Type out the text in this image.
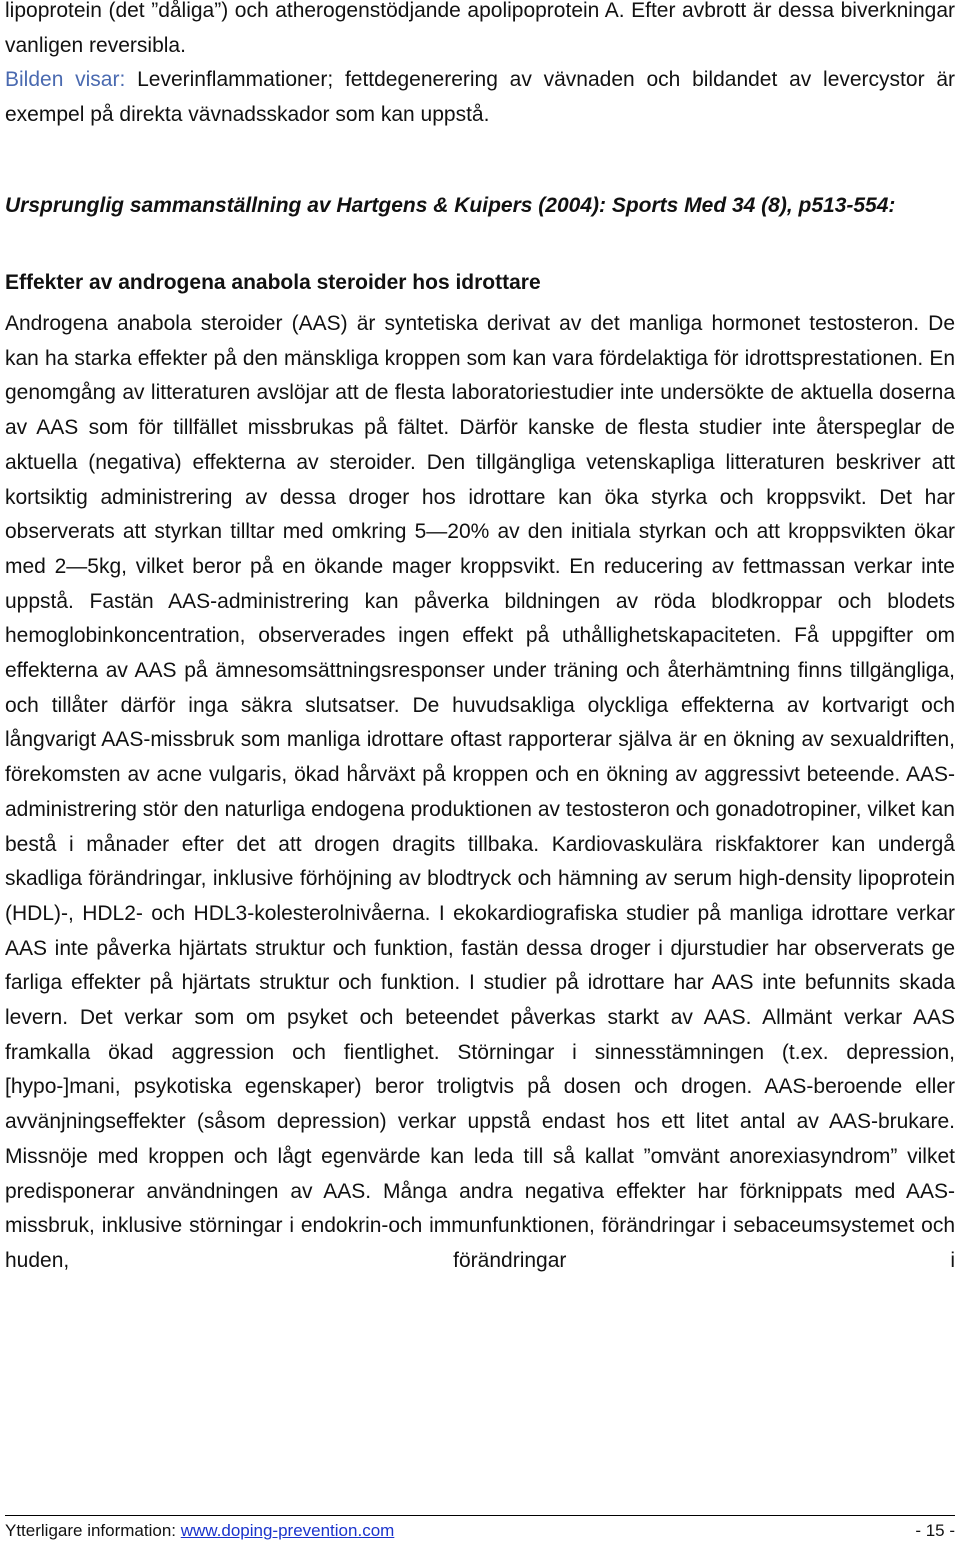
lipoprotein (det ”dåliga”) och atherogenstödjande apolipoprotein A. Efter avbrott är dessa biverkningar vanligen reversibla.
Bilden visar: Leverinflammationer; fettdegenerering av vävnaden och bildandet av levercystor är exempel på direkta vävnadsskador som kan uppstå.

Ursprunglig sammanställning av Hartgens & Kuipers (2004): Sports Med 34 (8), p513-554:

Effekter av androgena anabola steroider hos idrottare

Androgena anabola steroider (AAS) är syntetiska derivat av det manliga hormonet testosteron. De kan ha starka effekter på den mänskliga kroppen som kan vara fördelaktiga för idrottsprestationen. En genomgång av litteraturen avslöjar att de flesta laboratoriestudier inte undersökte de aktuella doserna av AAS som för tillfället missbrukas på fältet. Därför kanske de flesta studier inte återspeglar de aktuella (negativa) effekterna av steroider. Den tillgängliga vetenskapliga litteraturen beskriver att kortsiktig administrering av dessa droger hos idrottare kan öka styrka och kroppsvikt. Det har observerats att styrkan tilltar med omkring 5—20% av den initiala styrkan och att kroppsvikten ökar med 2—5kg, vilket beror på en ökande mager kroppsvikt. En reducering av fettmassan verkar inte uppstå. Fastän AAS-administrering kan påverka bildningen av röda blodkroppar och blodets hemoglobinkoncentration, observerades ingen effekt på uthållighetskapaciteten. Få uppgifter om effekterna av AAS på ämnesomsättningsresponser under träning och återhämtning finns tillgängliga, och tillåter därför inga säkra slutsatser. De huvudsakliga olyckliga effekterna av kortvarigt och långvarigt AAS-missbruk som manliga idrottare oftast rapporterar själva är en ökning av sexualdriften, förekomsten av acne vulgaris, ökad hårväxt på kroppen och en ökning av aggressivt beteende. AAS-administrering stör den naturliga endogena produktionen av testosteron och gonadotropiner, vilket kan bestå i månader efter det att drogen dragits tillbaka. Kardiovaskulära riskfaktorer kan undergå skadliga förändringar, inklusive förhöjning av blodtryck och hämning av serum high-density lipoprotein (HDL)-, HDL2- och HDL3-kolesterolnivåerna. I ekokardiografiska studier på manliga idrottare verkar AAS inte påverka hjärtats struktur och funktion, fastän dessa droger i djurstudier har observerats ge farliga effekter på hjärtats struktur och funktion. I studier på idrottare har AAS inte befunnits skada levern. Det verkar som om psyket och beteendet påverkas starkt av AAS. Allmänt verkar AAS framkalla ökad aggression och fientlighet. Störningar i sinnesstämningen (t.ex. depression, [hypo-]mani, psykotiska egenskaper) beror troligtvis på dosen och drogen. AAS-beroende eller avvänjningseffekter (såsom depression) verkar uppstå endast hos ett litet antal av AAS-brukare. Missnöje med kroppen och lågt egenvärde kan leda till så kallat ”omvänt anorexiasyndrom” vilket predisponerar användningen av AAS. Många andra negativa effekter har förknippats med AAS-missbruk, inklusive störningar i endokrin-och immunfunktionen, förändringar i sebaceumsystemet och huden, förändringar i

Ytterligare information: www.doping-prevention.com	- 15 -
